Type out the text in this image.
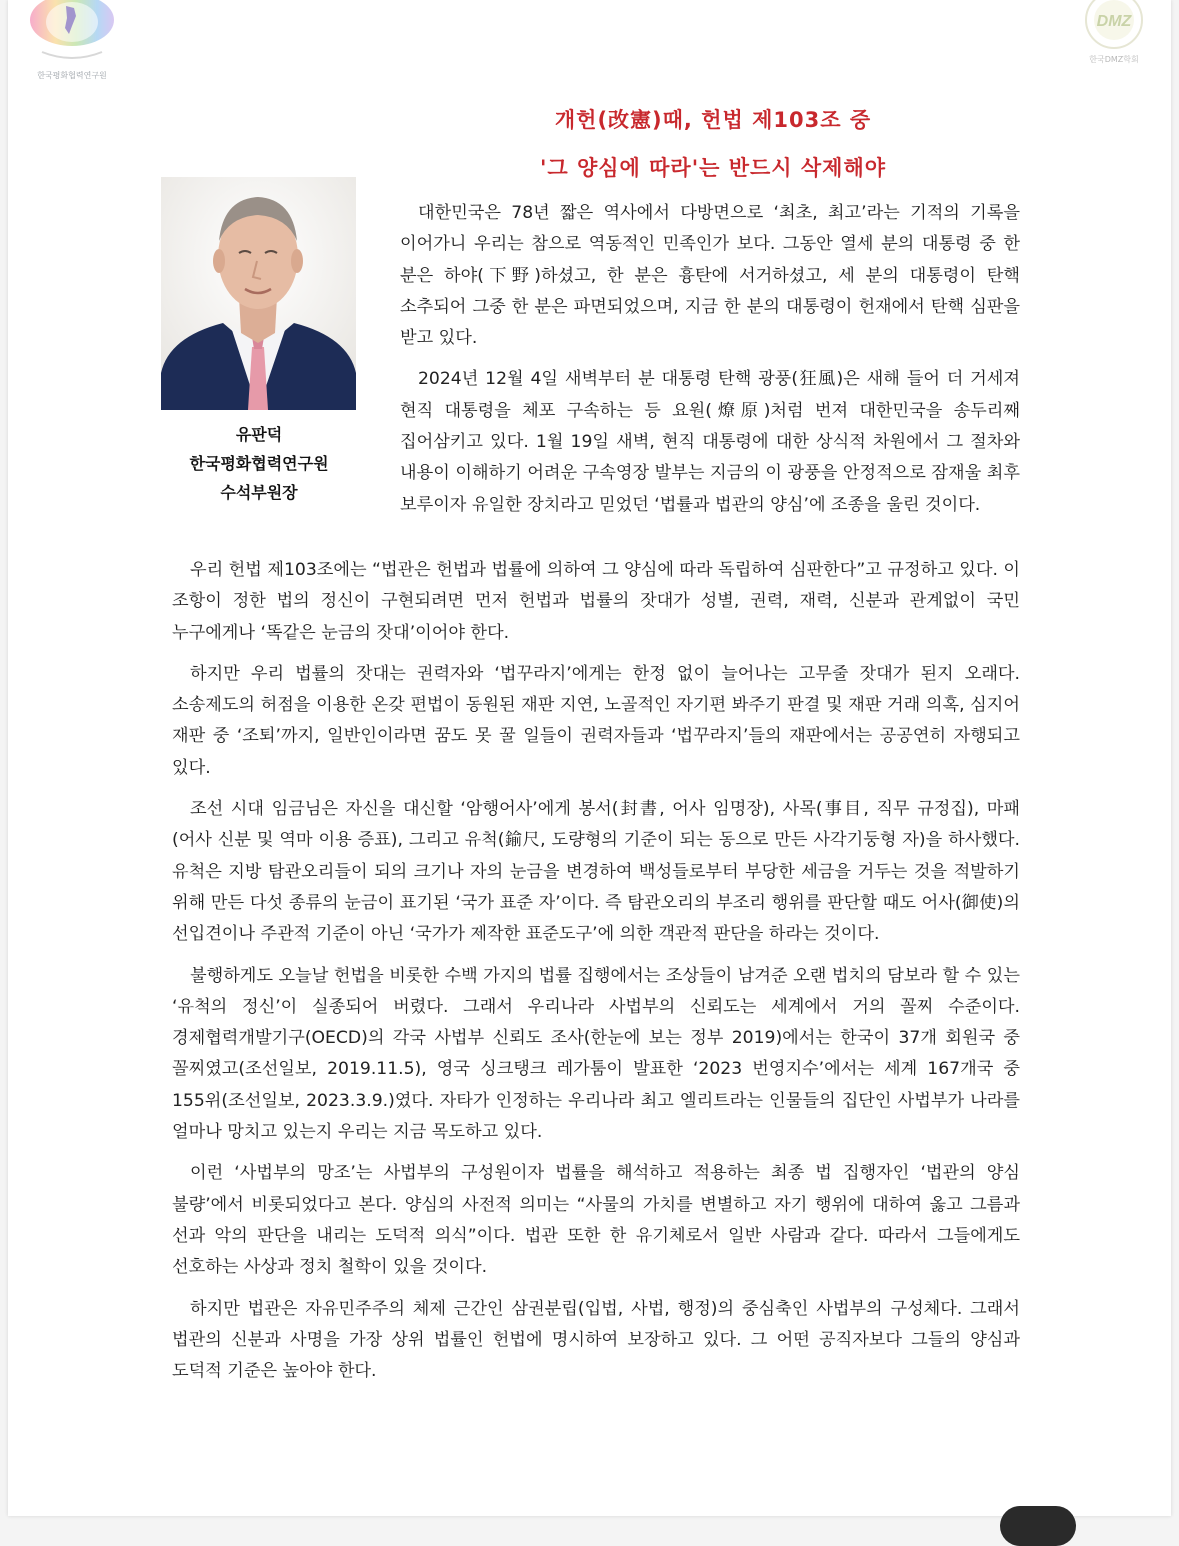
한국평화협력연구원
DMZ
한국DMZ학회
개헌(改憲)때, 헌법 제103조 중
'그 양심에 따라'는 반드시 삭제해야
유판덕
한국평화협력연구원
수석부원장

대한민국은 78년 짧은 역사에서 다방면으로 ‘최초, 최고’라는 기적의 기록을 이어가니 우리는 참으로 역동적인 민족인가 보다. 그동안 열세 분의 대통령 중 한 분은 하야(下野)하셨고, 한 분은 흉탄에 서거하셨고, 세 분의 대통령이 탄핵 소추되어 그중 한 분은 파면되었으며, 지금 한 분의 대통령이 헌재에서 탄핵 심판을 받고 있다.

2024년 12월 4일 새벽부터 분 대통령 탄핵 광풍(狂風)은 새해 들어 더 거세져 현직 대통령을 체포 구속하는 등 요원(燎原)처럼 번져 대한민국을 송두리째 집어삼키고 있다. 1월 19일 새벽, 현직 대통령에 대한 상식적 차원에서 그 절차와 내용이 이해하기 어려운 구속영장 발부는 지금의 이 광풍을 안정적으로 잠재울 최후 보루이자 유일한 장치라고 믿었던 ‘법률과 법관의 양심’에 조종을 울린 것이다.

우리 헌법 제103조에는 “법관은 헌법과 법률에 의하여 그 양심에 따라 독립하여 심판한다”고 규정하고 있다. 이 조항이 정한 법의 정신이 구현되려면 먼저 헌법과 법률의 잣대가 성별, 권력, 재력, 신분과 관계없이 국민 누구에게나 ‘똑같은 눈금의 잣대’이어야 한다.

하지만 우리 법률의 잣대는 권력자와 ‘법꾸라지’에게는 한정 없이 늘어나는 고무줄 잣대가 된지 오래다. 소송제도의 허점을 이용한 온갖 편법이 동원된 재판 지연, 노골적인 자기편 봐주기 판결 및 재판 거래 의혹, 심지어 재판 중 ‘조퇴’까지, 일반인이라면 꿈도 못 꿀 일들이 권력자들과 ‘법꾸라지’들의 재판에서는 공공연히 자행되고 있다.

조선 시대 임금님은 자신을 대신할 ‘암행어사’에게 봉서(封書, 어사 임명장), 사목(事目, 직무 규정집), 마패(어사 신분 및 역마 이용 증표), 그리고 유척(鍮尺, 도량형의 기준이 되는 동으로 만든 사각기둥형 자)을 하사했다. 유척은 지방 탐관오리들이 되의 크기나 자의 눈금을 변경하여 백성들로부터 부당한 세금을 거두는 것을 적발하기 위해 만든 다섯 종류의 눈금이 표기된 ‘국가 표준 자’이다. 즉 탐관오리의 부조리 행위를 판단할 때도 어사(御使)의 선입견이나 주관적 기준이 아닌 ‘국가가 제작한 표준도구’에 의한 객관적 판단을 하라는 것이다.

불행하게도 오늘날 헌법을 비롯한 수백 가지의 법률 집행에서는 조상들이 남겨준 오랜 법치의 담보라 할 수 있는 ‘유척의 정신’이 실종되어 버렸다. 그래서 우리나라 사법부의 신뢰도는 세계에서 거의 꼴찌 수준이다. 경제협력개발기구(OECD)의 각국 사법부 신뢰도 조사(한눈에 보는 정부 2019)에서는 한국이 37개 회원국 중 꼴찌였고(조선일보, 2019.11.5), 영국 싱크탱크 레가툼이 발표한 ‘2023 번영지수’에서는 세계 167개국 중 155위(조선일보, 2023.3.9.)였다. 자타가 인정하는 우리나라 최고 엘리트라는 인물들의 집단인 사법부가 나라를 얼마나 망치고 있는지 우리는 지금 목도하고 있다.

이런 ‘사법부의 망조’는 사법부의 구성원이자 법률을 해석하고 적용하는 최종 법 집행자인 ‘법관의 양심 불량’에서 비롯되었다고 본다. 양심의 사전적 의미는 “사물의 가치를 변별하고 자기 행위에 대하여 옳고 그름과 선과 악의 판단을 내리는 도덕적 의식”이다. 법관 또한 한 유기체로서 일반 사람과 같다. 따라서 그들에게도 선호하는 사상과 정치 철학이 있을 것이다.

하지만 법관은 자유민주주의 체제 근간인 삼권분립(입법, 사법, 행정)의 중심축인 사법부의 구성체다. 그래서 법관의 신분과 사명을 가장 상위 법률인 헌법에 명시하여 보장하고 있다. 그 어떤 공직자보다 그들의 양심과 도덕적 기준은 높아야 한다.
